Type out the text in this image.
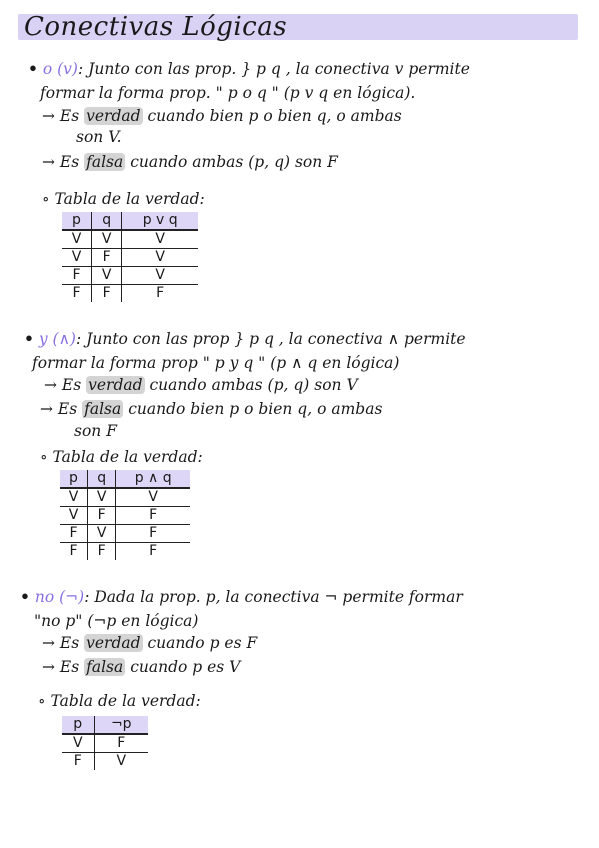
Conectivas Lógicas
• o (v): Junto con las prop. } p q , la conectiva v permite
formar la forma prop. " p o q " (p v q en lógica).
→ Es verdad cuando bien p o bien q, o ambas
son V.
→ Es falsa cuando ambas (p, q) son F
∘ Tabla de la verdad:
p	q	p v q
V	V	V
V	F	V
F	V	V
F	F	F
• y (∧): Junto con las prop } p q , la conectiva ∧ permite
formar la forma prop " p y q " (p ∧ q en lógica)
→ Es verdad cuando ambas (p, q) son V
→ Es falsa cuando bien p o bien q, o ambas
son F
∘ Tabla de la verdad:
p	q	p ∧ q
V	V	V
V	F	F
F	V	F
F	F	F
• no (¬): Dada la prop. p, la conectiva ¬ permite formar
"no p" (¬p en lógica)
→ Es verdad cuando p es F
→ Es falsa cuando p es V
∘ Tabla de la verdad:
p	¬p
V	F
F	V
